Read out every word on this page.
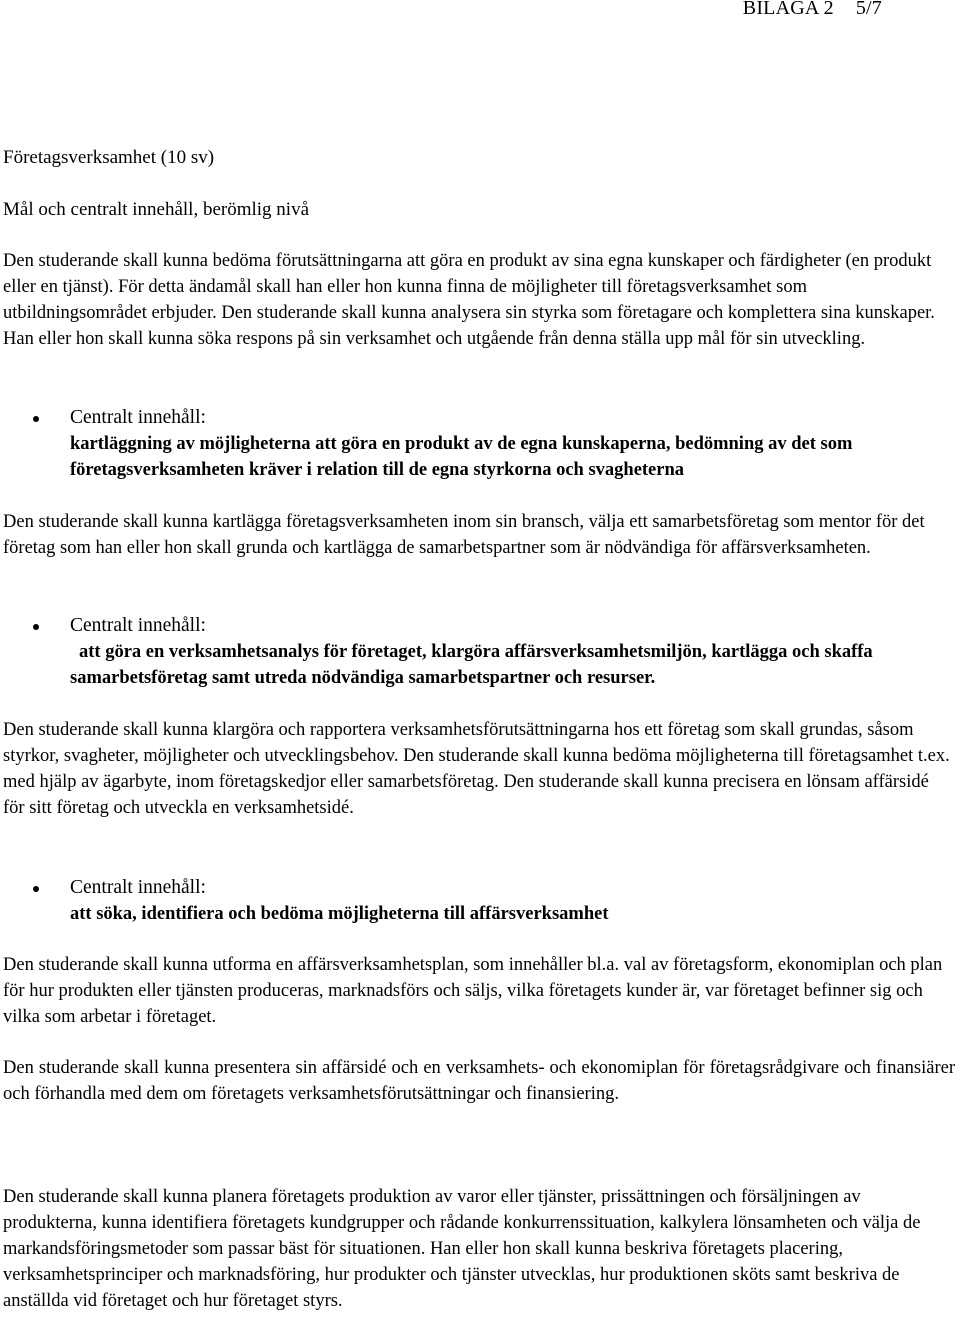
BILAGA 2 5/7

Företagsverksamhet (10 sv)

Mål och centralt innehåll, berömlig nivå

Den studerande skall kunna bedöma förutsättningarna att göra en produkt av sina egna kunskaper och färdigheter (en produkt eller en tjänst). För detta ändamål skall han eller hon kunna finna de möjligheter till företagsverksamhet som utbildningsområdet erbjuder. Den studerande skall kunna analysera sin styrka som företagare och komplettera sina kunskaper. Han eller hon skall kunna söka respons på sin verksamhet och utgående från denna ställa upp mål för sin utveckling.

Centralt innehåll:
kartläggning av möjligheterna att göra en produkt av de egna kunskaperna, bedömning av det som företagsverksamheten kräver i relation till de egna styrkorna och svagheterna

Den studerande skall kunna kartlägga företagsverksamheten inom sin bransch, välja ett samarbetsföretag som mentor för det företag som han eller hon skall grunda och kartlägga de samarbetspartner som är nödvändiga för affärsverksamheten.

Centralt innehåll:
att göra en verksamhetsanalys för företaget, klargöra affärsverksamhetsmiljön, kartlägga och skaffa samarbetsföretag samt utreda nödvändiga samarbetspartner och resurser.

Den studerande skall kunna klargöra och rapportera verksamhetsförutsättningarna hos ett företag som skall grundas, såsom styrkor, svagheter, möjligheter och utvecklingsbehov. Den studerande skall kunna bedöma möjligheterna till företagsamhet t.ex. med hjälp av ägarbyte, inom företagskedjor eller samarbetsföretag. Den studerande skall kunna precisera en lönsam affärsidé för sitt företag och utveckla en verksamhetsidé.

Centralt innehåll:
att söka, identifiera och bedöma möjligheterna till affärsverksamhet

Den studerande skall kunna utforma en affärsverksamhetsplan, som innehåller bl.a. val av företagsform, ekonomiplan och plan för hur produkten eller tjänsten produceras, marknadsförs och säljs, vilka företagets kunder är, var företaget befinner sig och vilka som arbetar i företaget.

Den studerande skall kunna presentera sin affärsidé och en verksamhets- och ekonomiplan för företagsrådgivare och finansiärer och förhandla med dem om företagets verksamhetsförutsättningar och finansiering.

Den studerande skall kunna planera företagets produktion av varor eller tjänster, prissättningen och försäljningen av produkterna, kunna identifiera företagets kundgrupper och rådande konkurrenssituation, kalkylera lönsamheten och välja de markandsföringsmetoder som passar bäst för situationen. Han eller hon skall kunna beskriva företagets placering, verksamhetsprinciper och marknadsföring, hur produkter och tjänster utvecklas, hur produktionen sköts samt beskriva de anställda vid företaget och hur företaget styrs.
